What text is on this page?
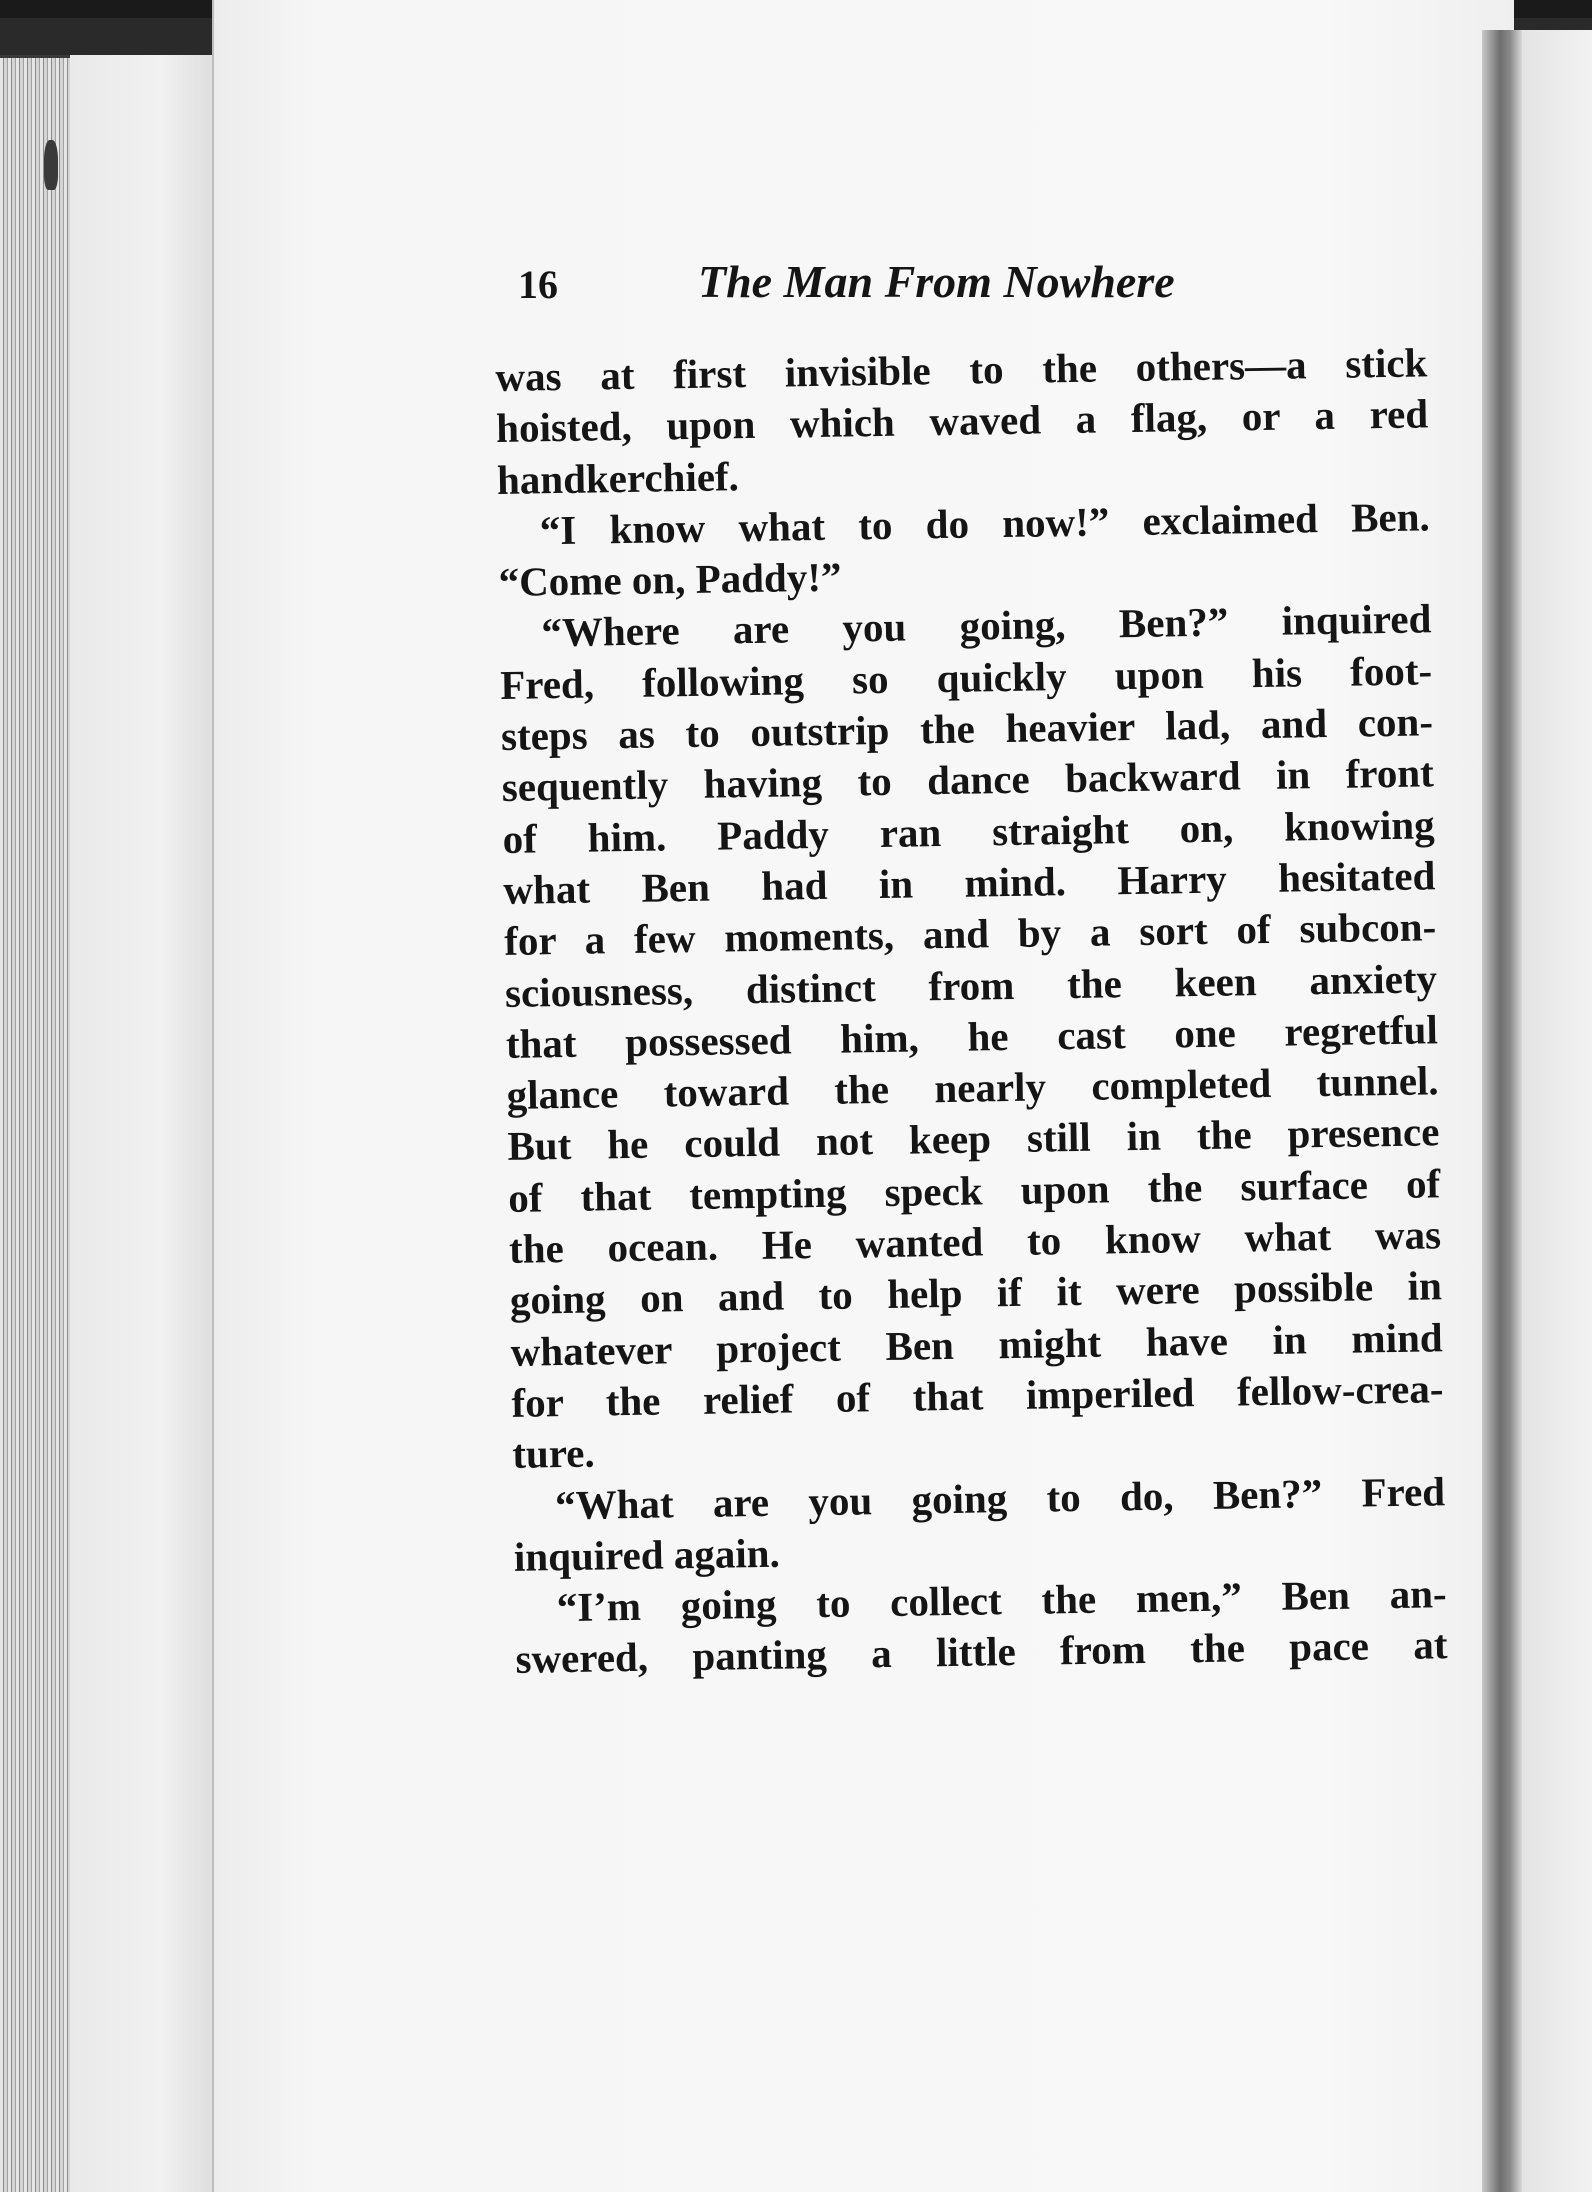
16	The Man From Nowhere
was at first invisible to the others—a stick
hoisted, upon which waved a flag, or a red
handkerchief.
“I know what to do now!” exclaimed Ben.
“Come on, Paddy!”
“Where are you going, Ben?” inquired
Fred, following so quickly upon his foot-
steps as to outstrip the heavier lad, and con-
sequently having to dance backward in front
of him. Paddy ran straight on, knowing
what Ben had in mind. Harry hesitated
for a few moments, and by a sort of subcon-
sciousness, distinct from the keen anxiety
that possessed him, he cast one regretful
glance toward the nearly completed tunnel.
But he could not keep still in the presence
of that tempting speck upon the surface of
the ocean. He wanted to know what was
going on and to help if it were possible in
whatever project Ben might have in mind
for the relief of that imperiled fellow-crea-
ture.
“What are you going to do, Ben?” Fred
inquired again.
“I’m going to collect the men,” Ben an-
swered, panting a little from the pace at
